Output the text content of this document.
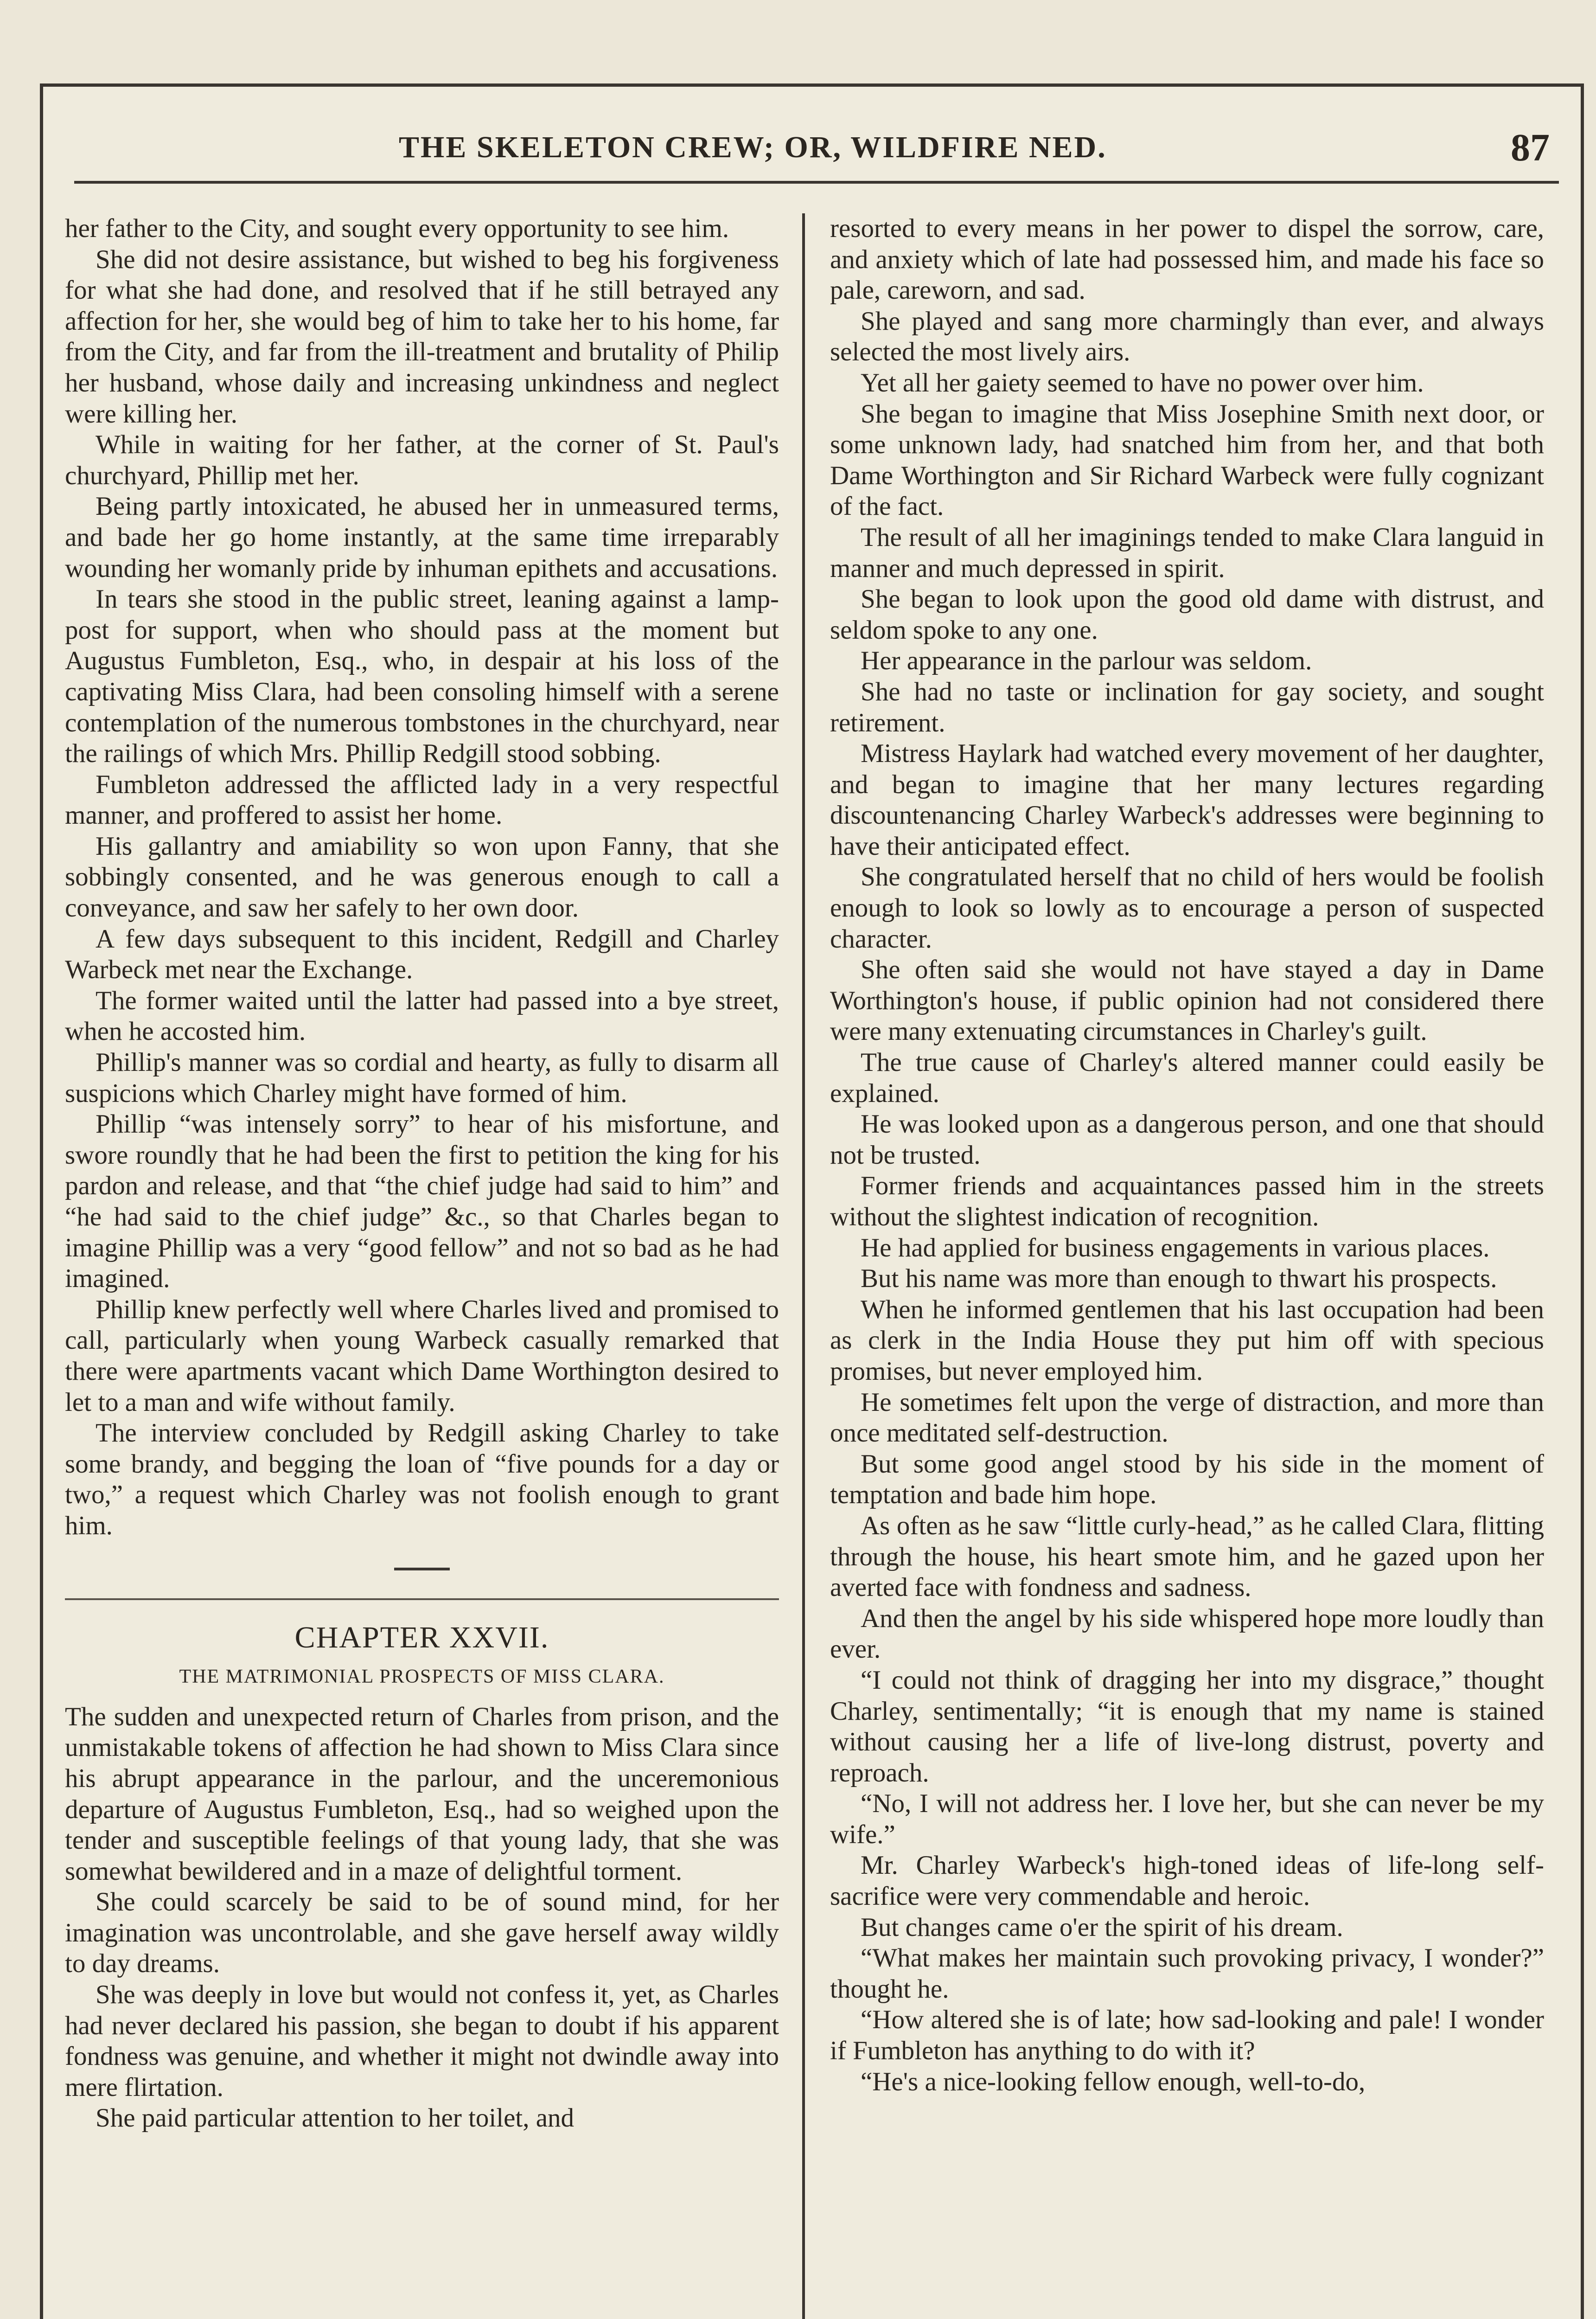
THE SKELETON CREW; OR, WILDFIRE NED.	87

her father to the City, and sought every opportunity to see him.

She did not desire assistance, but wished to beg his forgiveness for what she had done, and resolved that if he still betrayed any affection for her, she would beg of him to take her to his home, far from the City, and far from the ill-treatment and brutality of Philip her husband, whose daily and increasing unkindness and neglect were killing her.

While in waiting for her father, at the corner of St. Paul's churchyard, Phillip met her.

Being partly intoxicated, he abused her in unmeasured terms, and bade her go home instantly, at the same time irreparably wounding her womanly pride by inhuman epithets and accusations.

In tears she stood in the public street, leaning against a lamp-post for support, when who should pass at the moment but Augustus Fumbleton, Esq., who, in despair at his loss of the captivating Miss Clara, had been consoling himself with a serene contemplation of the numerous tombstones in the churchyard, near the railings of which Mrs. Phillip Redgill stood sobbing.

Fumbleton addressed the afflicted lady in a very respectful manner, and proffered to assist her home.

His gallantry and amiability so won upon Fanny, that she sobbingly consented, and he was generous enough to call a conveyance, and saw her safely to her own door.

A few days subsequent to this incident, Redgill and Charley Warbeck met near the Exchange.

The former waited until the latter had passed into a bye street, when he accosted him.

Phillip's manner was so cordial and hearty, as fully to disarm all suspicions which Charley might have formed of him.

Phillip “was intensely sorry” to hear of his misfortune, and swore roundly that he had been the first to petition the king for his pardon and release, and that “the chief judge had said to him” and “he had said to the chief judge” &c., so that Charles began to imagine Phillip was a very “good fellow” and not so bad as he had imagined.

Phillip knew perfectly well where Charles lived and promised to call, particularly when young Warbeck casually remarked that there were apartments vacant which Dame Worthington desired to let to a man and wife without family.

The interview concluded by Redgill asking Charley to take some brandy, and begging the loan of “five pounds for a day or two,” a request which Charley was not foolish enough to grant him.

CHAPTER XXVII.
THE MATRIMONIAL PROSPECTS OF MISS CLARA.

The sudden and unexpected return of Charles from prison, and the unmistakable tokens of affection he had shown to Miss Clara since his abrupt appearance in the parlour, and the unceremonious departure of Augustus Fumbleton, Esq., had so weighed upon the tender and susceptible feelings of that young lady, that she was somewhat bewildered and in a maze of delightful torment.

She could scarcely be said to be of sound mind, for her imagination was uncontrolable, and she gave herself away wildly to day dreams.

She was deeply in love but would not confess it, yet, as Charles had never declared his passion, she began to doubt if his apparent fondness was genuine, and whether it might not dwindle away into mere flirtation.

She paid particular attention to her toilet, and

resorted to every means in her power to dispel the sorrow, care, and anxiety which of late had possessed him, and made his face so pale, careworn, and sad.

She played and sang more charmingly than ever, and always selected the most lively airs.

Yet all her gaiety seemed to have no power over him.

She began to imagine that Miss Josephine Smith next door, or some unknown lady, had snatched him from her, and that both Dame Worthington and Sir Richard Warbeck were fully cognizant of the fact.

The result of all her imaginings tended to make Clara languid in manner and much depressed in spirit.

She began to look upon the good old dame with distrust, and seldom spoke to any one.

Her appearance in the parlour was seldom.

She had no taste or inclination for gay society, and sought retirement.

Mistress Haylark had watched every movement of her daughter, and began to imagine that her many lectures regarding discountenancing Charley Warbeck's addresses were beginning to have their anticipated effect.

She congratulated herself that no child of hers would be foolish enough to look so lowly as to encourage a person of suspected character.

She often said she would not have stayed a day in Dame Worthington's house, if public opinion had not considered there were many extenuating circumstances in Charley's guilt.

The true cause of Charley's altered manner could easily be explained.

He was looked upon as a dangerous person, and one that should not be trusted.

Former friends and acquaintances passed him in the streets without the slightest indication of recognition.

He had applied for business engagements in various places.

But his name was more than enough to thwart his prospects.

When he informed gentlemen that his last occupation had been as clerk in the India House they put him off with specious promises, but never employed him.

He sometimes felt upon the verge of distraction, and more than once meditated self-destruction.

But some good angel stood by his side in the moment of temptation and bade him hope.

As often as he saw “little curly-head,” as he called Clara, flitting through the house, his heart smote him, and he gazed upon her averted face with fondness and sadness.

And then the angel by his side whispered hope more loudly than ever.

“I could not think of dragging her into my disgrace,” thought Charley, sentimentally; “it is enough that my name is stained without causing her a life of live-long distrust, poverty and reproach.

“No, I will not address her. I love her, but she can never be my wife.”

Mr. Charley Warbeck's high-toned ideas of life-long self-sacrifice were very commendable and heroic.

But changes came o'er the spirit of his dream.

“What makes her maintain such provoking privacy, I wonder?” thought he.

“How altered she is of late; how sad-looking and pale! I wonder if Fumbleton has anything to do with it?

“He's a nice-looking fellow enough, well-to-do,
